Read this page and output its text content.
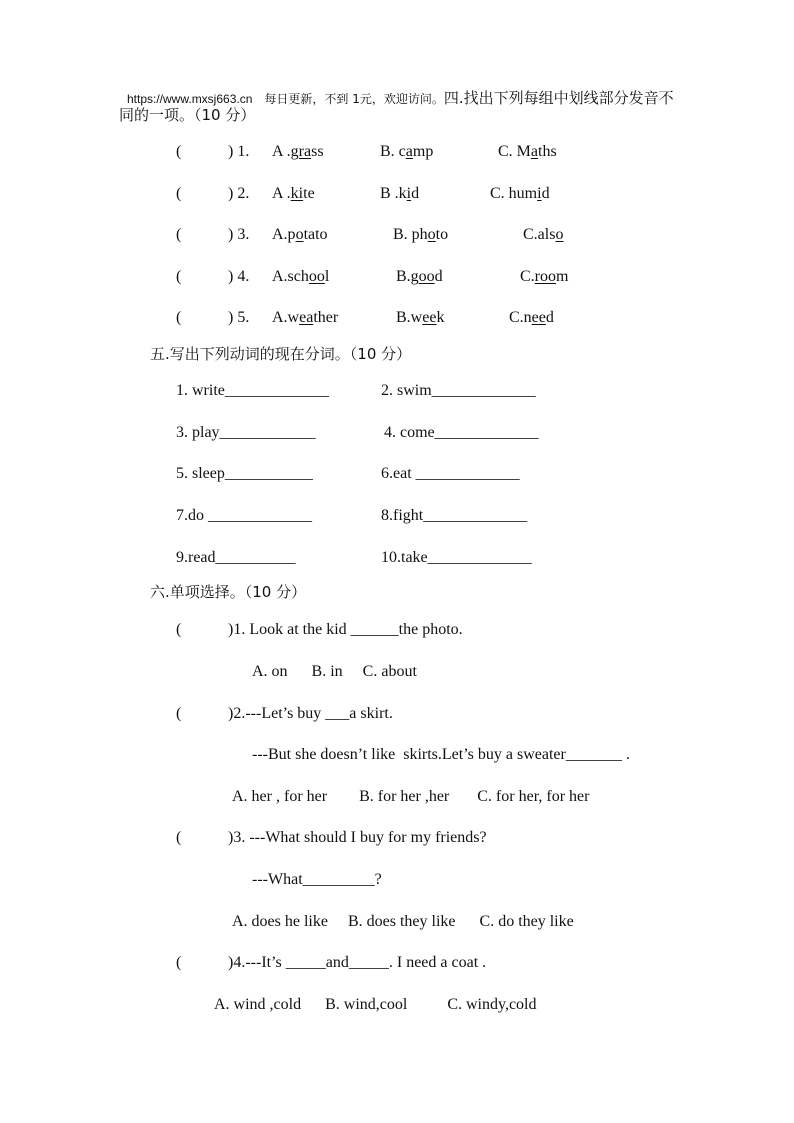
https://www.mxsj663.cn 每日更新，不到 1元，欢迎访问。四.找出下列每组中划线部分发音不

同的一项。（10 分）
(	) 1. A .grass	B. camp	C. Maths
(	) 2. A .kite	B .kid	C. humid
(	) 3. A.potato	B. photo	C.also
(	) 4. A.school	B.good	C.room
(	) 5. A.weather	B.week	C.need
五.写出下列动词的现在分词。（10 分）
1. write_____________	2. swim_____________
3. play____________	4. come_____________
5. sleep___________	6.eat _____________
7.do _____________	8.fight_____________
9.read__________	10.take_____________
六.单项选择。（10 分）
(	)1. Look at the kid ______the photo.
A. on      B. in     C. about
(	)2.---Let’s buy ___a skirt.
---But she doesn’t like  skirts.Let’s buy a sweater_______ .
A. her , for her        B. for her ,her       C. for her, for her
(	)3. ---What should I buy for my friends?
---What_________?
A. does he like     B. does they like      C. do they like
(	)4.---It’s _____and_____. I need a coat .
A. wind ,cold      B. wind,cool          C. windy,cold
